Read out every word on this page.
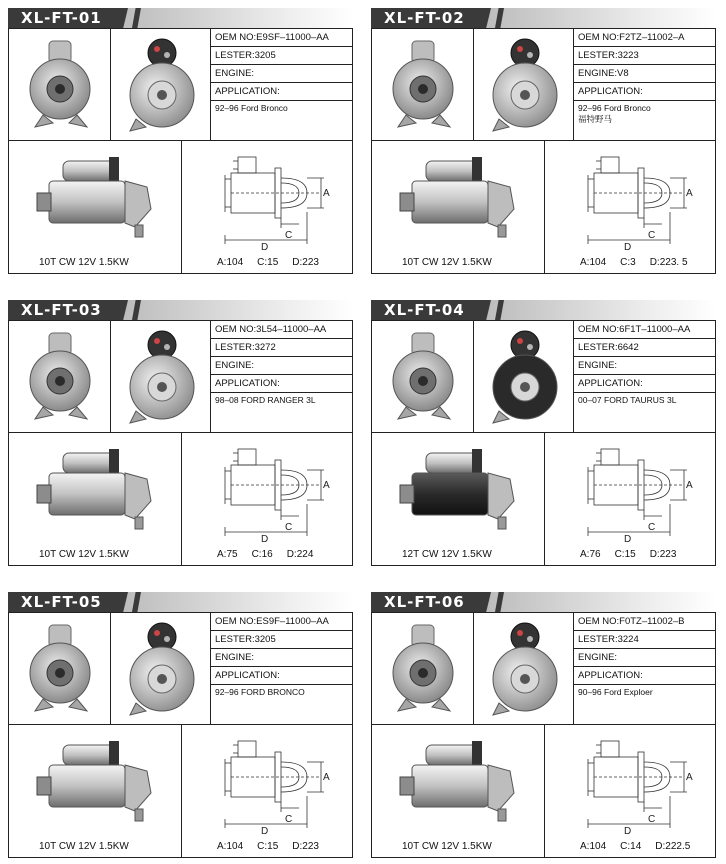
XL-FT-01
OEM NO:E9SF–11000–AA
LESTER:3205
ENGINE:
APPLICATION:
92–96 Ford Bronco
10T CW 12V 1.5KW
A
C
D
A:104 C:15 D:223
XL-FT-02
OEM NO:F2TZ–11002–A
LESTER:3223
ENGINE:V8
APPLICATION:
92–96 Ford Bronco
福特野马
10T CW 12V 1.5KW
A
C
D
A:104 C:3 D:223. 5
XL-FT-03
OEM NO:3L54–11000–AA
LESTER:3272
ENGINE:
APPLICATION:
98–08 FORD RANGER 3L
10T CW 12V 1.5KW
A
C
D
A:75 C:16 D:224
XL-FT-04
OEM NO:6F1T–11000–AA
LESTER:6642
ENGINE:
APPLICATION:
00–07 FORD TAURUS 3L
12T CW 12V 1.5KW
A
C
D
A:76 C:15 D:223
XL-FT-05
OEM NO:ES9F–11000–AA
LESTER:3205
ENGINE:
APPLICATION:
92–96 FORD BRONCO
10T CW 12V 1.5KW
A
C
D
A:104 C:15 D:223
XL-FT-06
OEM NO:F0TZ–11002–B
LESTER:3224
ENGINE:
APPLICATION:
90–96 Ford Exploer
10T CW 12V 1.5KW
A
C
D
A:104 C:14 D:222.5
